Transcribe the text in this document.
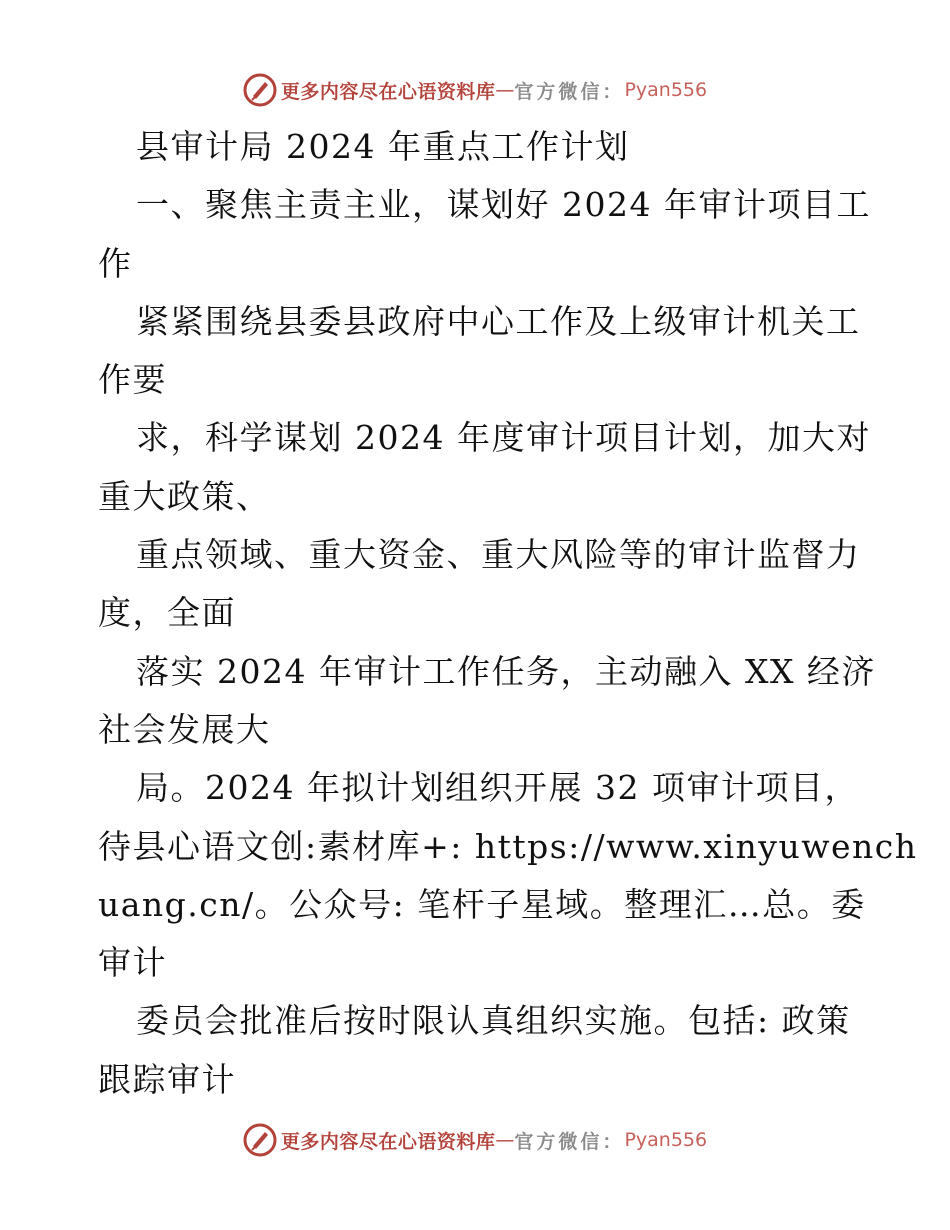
更多内容尽在心语资料库 — 官方微信： Pyan556
县审计局 2024 年重点工作计划
一、聚焦主责主业，谋划好 2024 年审计项目工
作
紧紧围绕县委县政府中心工作及上级审计机关工
作要
求，科学谋划 2024 年度审计项目计划，加大对
重大政策、
重点领域、重大资金、重大风险等的审计监督力
度，全面
落实 2024 年审计工作任务，主动融入 XX 经济
社会发展大
局。2024 年拟计划组织开展 32 项审计项目，
待县心语文创:素材库+: https://www.xinyuwench
uang.cn/。公众号: 笔杆子星域。整理汇…总。委
审计
委员会批准后按时限认真组织实施。包括: 政策
跟踪审计
更多内容尽在心语资料库 — 官方微信： Pyan556
